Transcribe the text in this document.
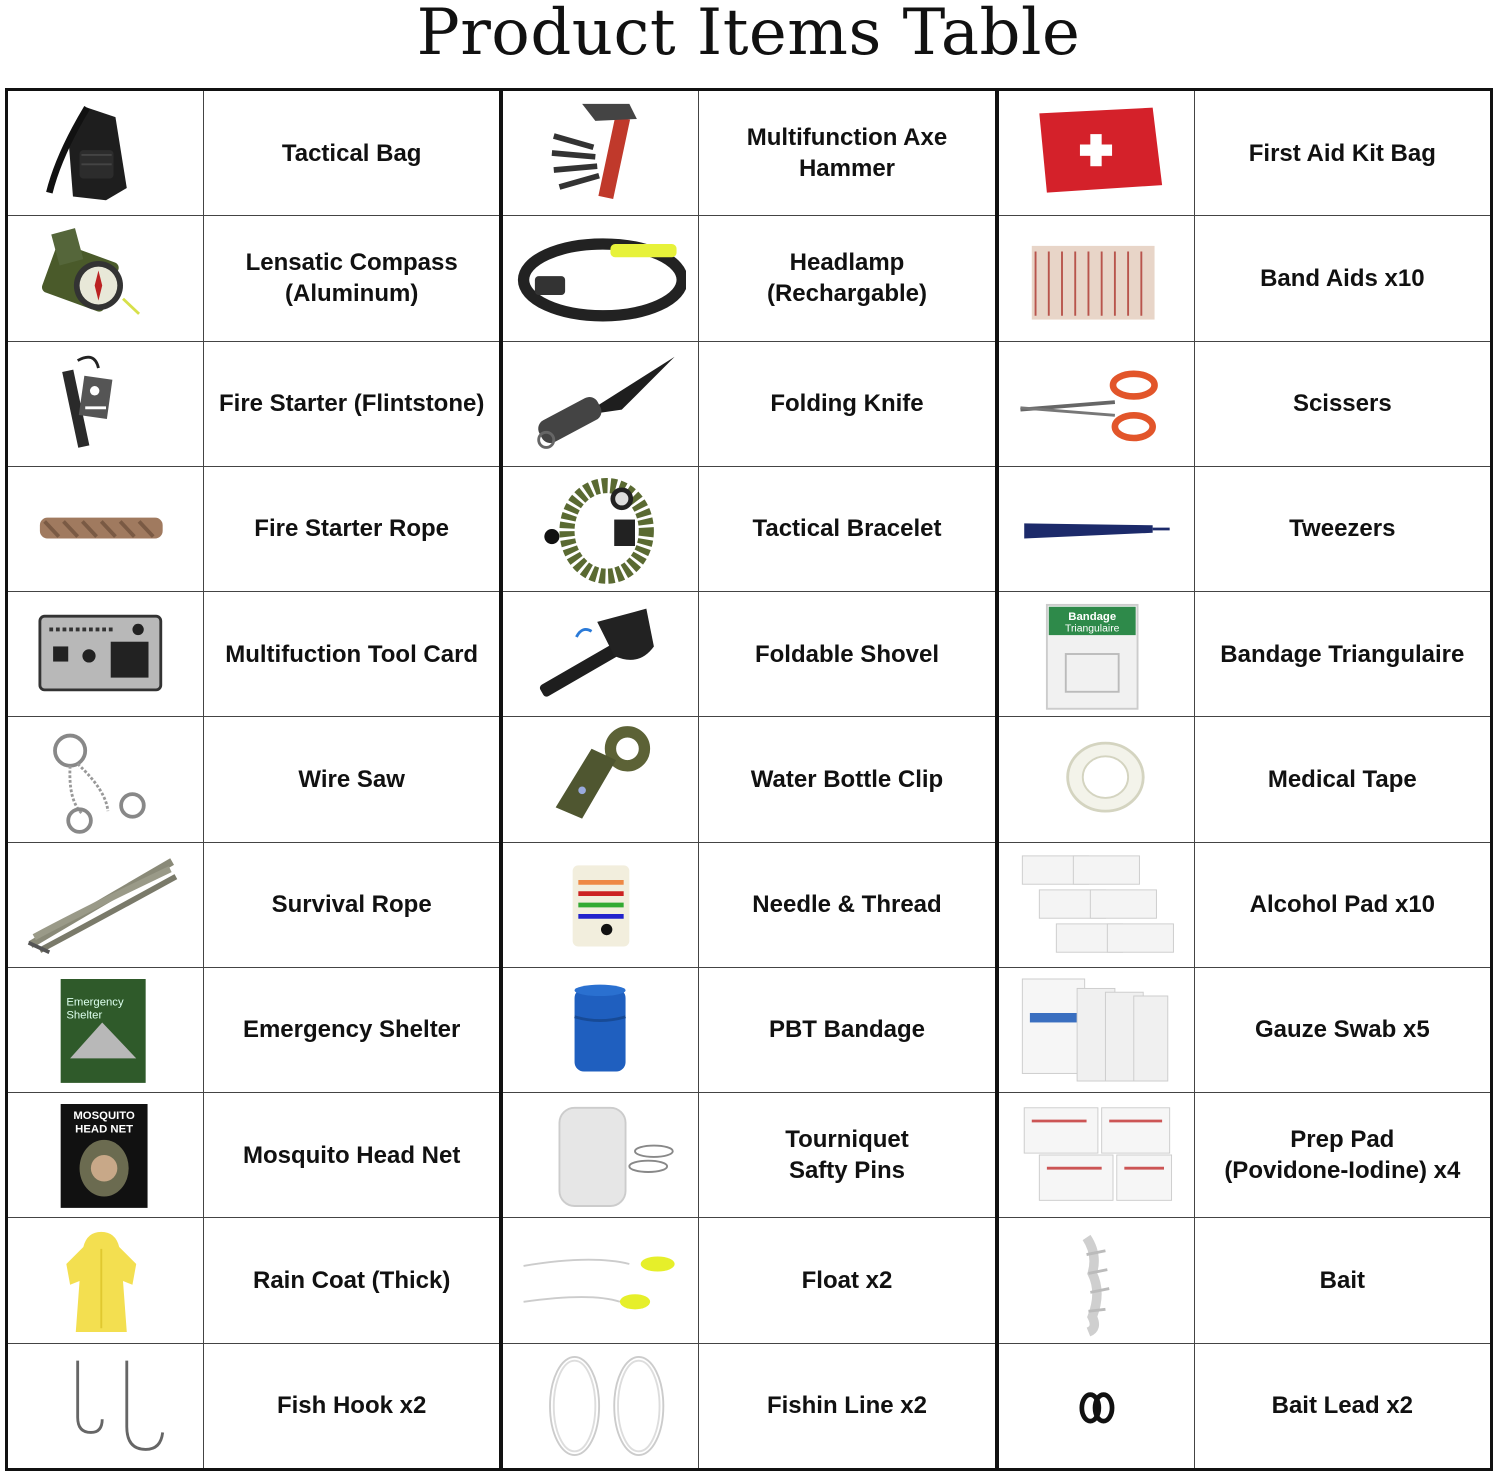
Product Items Table
Tactical Bag
Lensatic Compass
(Aluminum)
Fire Starter (Flintstone)
Fire Starter Rope
Multifuction Tool Card
Wire Saw
Survival Rope
Emergency
Shelter
Emergency Shelter
MOSQUITO
HEAD NET
Mosquito Head Net
Rain Coat (Thick)
Fish Hook x2
Multifunction Axe
Hammer
Headlamp
(Rechargable)
Folding Knife
Tactical Bracelet
Foldable Shovel
Water Bottle Clip
Needle & Thread
PBT Bandage
Tourniquet
Safty Pins
Float x2
Fishin Line x2
First Aid Kit Bag
Band Aids x10
Scissers
Tweezers
Bandage
Triangulaire
Bandage Triangulaire
Medical Tape
Alcohol Pad x10
Gauze Swab x5
Prep Pad
(Povidone-Iodine) x4
Bait
Bait Lead x2
